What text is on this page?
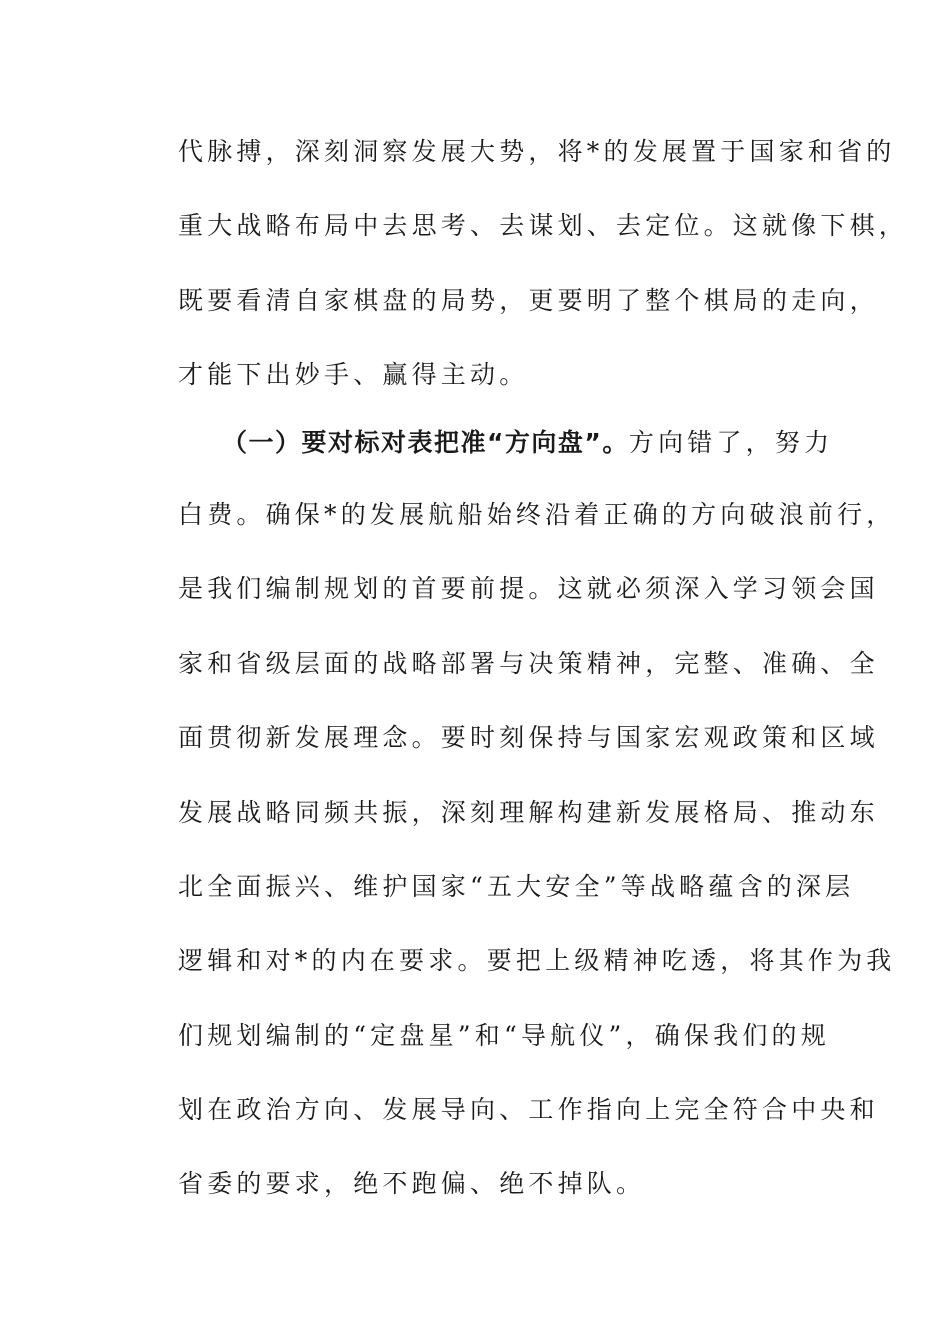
代脉搏，深刻洞察发展大势，将*的发展置于国家和省的
重大战略布局中去思考、去谋划、去定位。这就像下棋，
既要看清自家棋盘的局势，更要明了整个棋局的走向，
才能下出妙手、赢得主动。
（一）要对标对表把准“方向盘”。方向错了，努力
白费。确保*的发展航船始终沿着正确的方向破浪前行，
是我们编制规划的首要前提。这就必须深入学习领会国
家和省级层面的战略部署与决策精神，完整、准确、全
面贯彻新发展理念。要时刻保持与国家宏观政策和区域
发展战略同频共振，深刻理解构建新发展格局、推动东
北全面振兴、维护国家“五大安全”等战略蕴含的深层
逻辑和对*的内在要求。要把上级精神吃透，将其作为我
们规划编制的“定盘星”和“导航仪”，确保我们的规
划在政治方向、发展导向、工作指向上完全符合中央和
省委的要求，绝不跑偏、绝不掉队。
